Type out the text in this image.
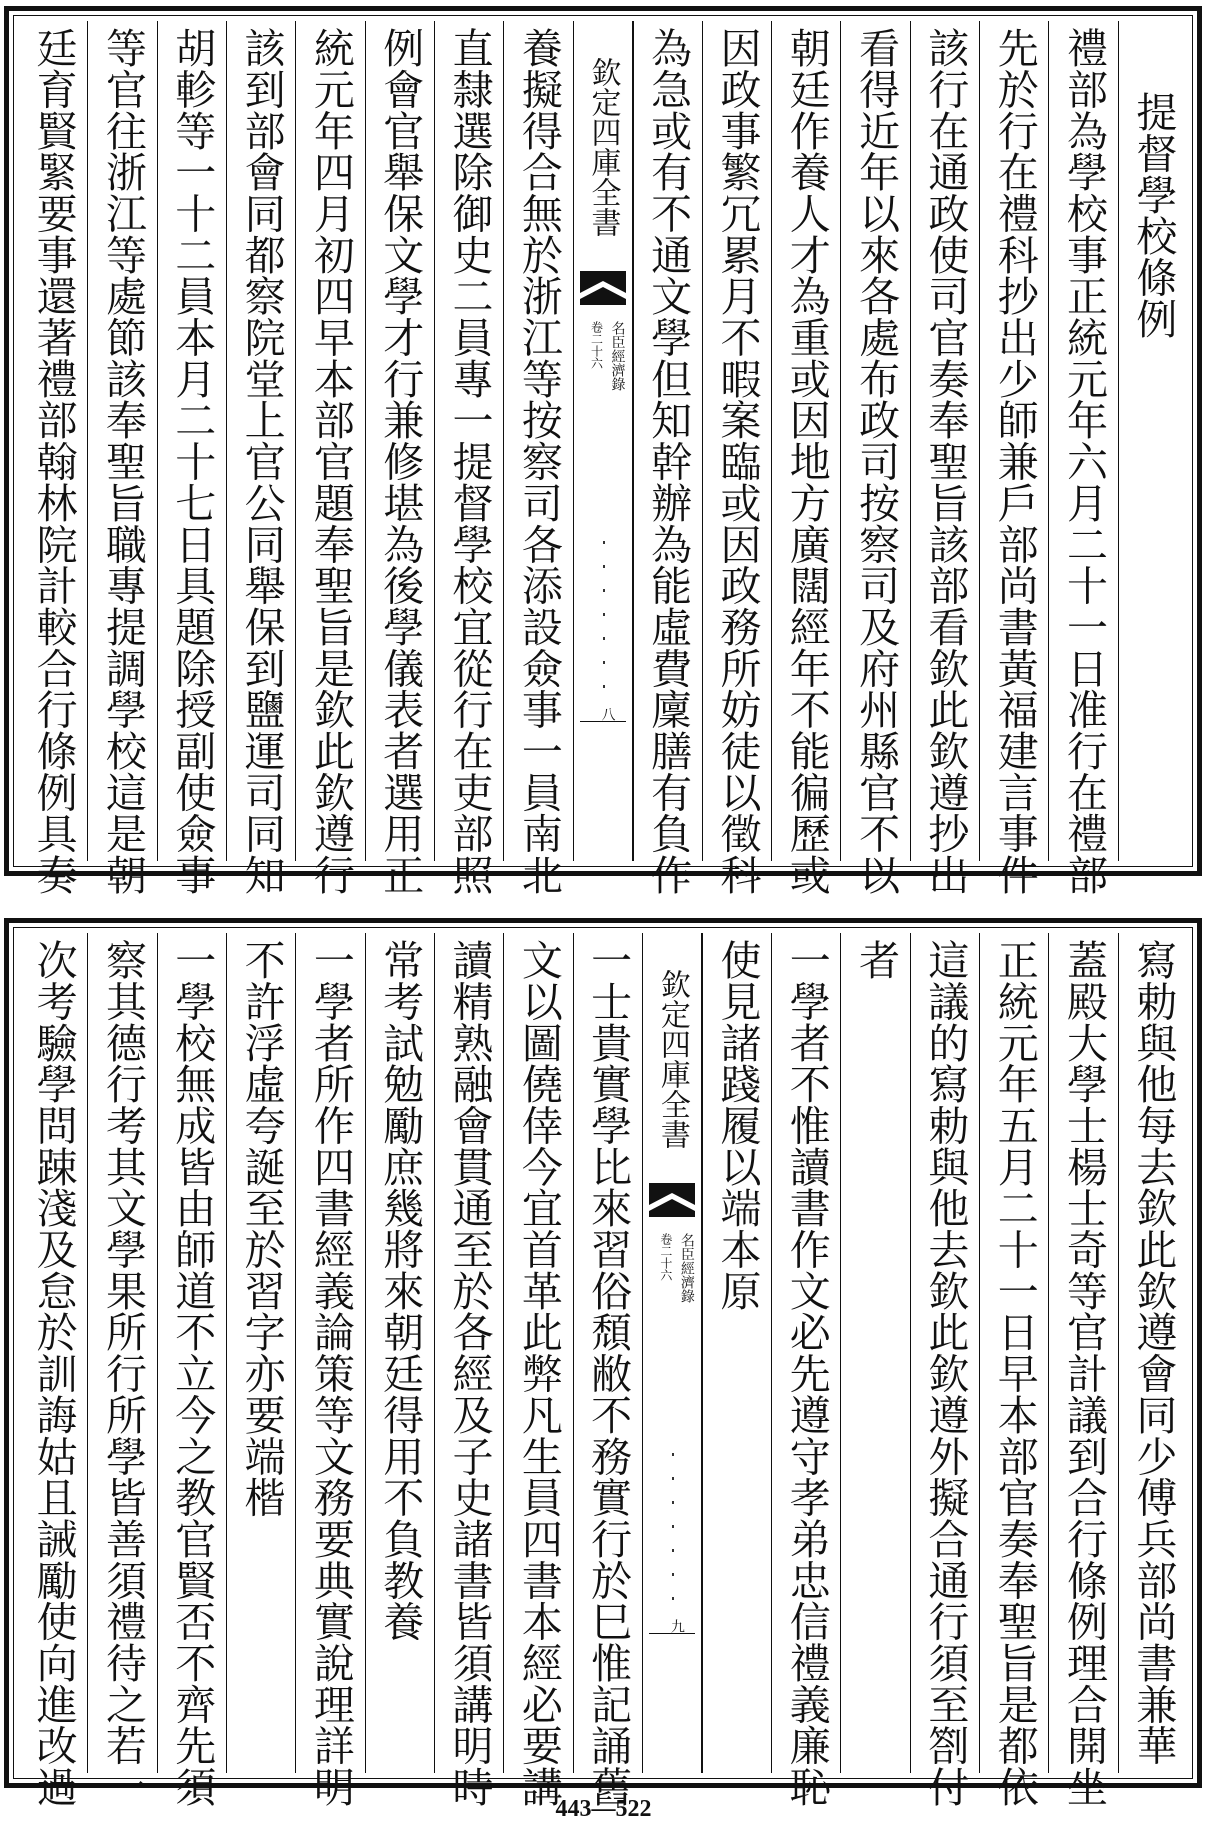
提督學校條例
禮部為學校事正統元年六月二十一日准行在禮部
先於行在禮科抄出少師兼戶部尚書黃福建言事件
該行在通政使司官奏奉聖旨該部看欽此欽遵抄出
看得近年以來各處布政司按察司及府州縣官不以
朝廷作養人才為重或因地方廣闊經年不能徧歷或
因政事繁冗累月不暇案臨或因政務所妨徒以徵科
為急或有不通文學但知幹辦為能虛費廩膳有負作
欽定四庫全書
名臣經濟錄
卷二十六
八
養擬得合無於浙江等按察司各添設僉事一員南北
直隸選除御史二員專一提督學校宜從行在吏部照
例會官舉保文學才行兼修堪為後學儀表者選用正
統元年四月初四早本部官題奉聖旨是欽此欽遵行
該到部會同都察院堂上官公同舉保到鹽運司同知
胡軫等一十二員本月二十七日具題除授副使僉事
等官往浙江等處節該奉聖旨職專提調學校這是朝
廷育賢緊要事還著禮部翰林院計較合行條例具奏
寫勅與他每去欽此欽遵會同少傅兵部尚書兼華
蓋殿大學士楊士奇等官計議到合行條例理合開坐
正統元年五月二十一日早本部官奏奉聖旨是都依
這議的寫勅與他去欽此欽遵外擬合通行須至劄付
者
一學者不惟讀書作文必先遵守孝弟忠信禮義廉恥
使見諸踐履以端本原
欽定四庫全書
名臣經濟錄
卷二十六
九
一士貴實學比來習俗頹敝不務實行於巳惟記誦舊
文以圖僥倖今宜首革此弊凡生員四書本經必要講
讀精熟融會貫通至於各經及子史諸書皆須講明時
常考試勉勵庶幾將來朝廷得用不負教養
一學者所作四書經義論策等文務要典實說理詳明
不許浮虛夸誕至於習字亦要端楷
一學校無成皆由師道不立今之教官賢否不齊先須
察其德行考其文學果所行所學皆善須禮待之若一
次考驗學問踈淺及怠於訓誨姑且誡勵使向進改過
443—522
